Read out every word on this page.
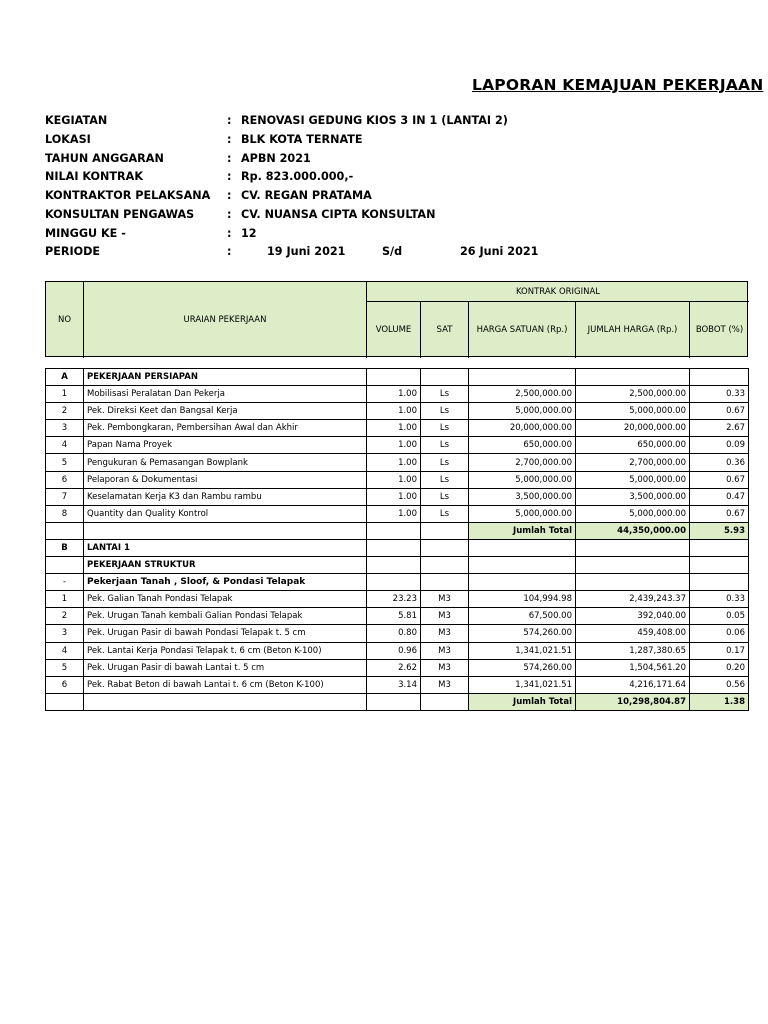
LAPORAN KEMAJUAN PEKERJAAN
KEGIATAN	: RENOVASI GEDUNG KIOS 3 IN 1 (LANTAI 2)
LOKASI	: BLK KOTA TERNATE
TAHUN ANGGARAN	: APBN 2021
NILAI KONTRAK	: Rp. 823.000.000,-
KONTRAKTOR PELAKSANA : CV. REGAN PRATAMA
KONSULTAN PENGAWAS	: CV. NUANSA CIPTA KONSULTAN
MINGGU KE -	: 12
PERIODE	:	19 Juni 2021	S/d	26 Juni 2021
NO	URAIAN PEKERJAAN
KONTRAK ORIGINAL
VOLUME	SAT	HARGA SATUAN (Rp.)	JUMLAH HARGA (Rp.)	BOBOT (%)
A	PEKERJAAN PERSIAPAN					
1	Mobilisasi Peralatan Dan Pekerja	1.00	Ls	2,500,000.00	2,500,000.00	0.33
2	Pek. Direksi Keet dan Bangsal Kerja	1.00	Ls	5,000,000.00	5,000,000.00	0.67
3	Pek. Pembongkaran, Pembersihan Awal dan Akhir	1.00	Ls	20,000,000.00	20,000,000.00	2.67
4	Papan Nama Proyek	1.00	Ls	650,000.00	650,000.00	0.09
5	Pengukuran & Pemasangan Bowplank	1.00	Ls	2,700,000.00	2,700,000.00	0.36
6	Pelaporan & Dokumentasi	1.00	Ls	5,000,000.00	5,000,000.00	0.67
7	Keselamatan Kerja K3 dan Rambu rambu	1.00	Ls	3,500,000.00	3,500,000.00	0.47
8	Quantity dan Quality Kontrol	1.00	Ls	5,000,000.00	5,000,000.00	0.67
				Jumlah Total	44,350,000.00	5.93
B	LANTAI 1					
	PEKERJAAN STRUKTUR					
-	Pekerjaan Tanah , Sloof, & Pondasi Telapak					
1	Pek. Galian Tanah Pondasi Telapak	23.23	M3	104,994.98	2,439,243.37	0.33
2	Pek. Urugan Tanah kembali Galian Pondasi Telapak	5.81	M3	67,500.00	392,040.00	0.05
3	Pek. Urugan Pasir di bawah Pondasi Telapak t. 5 cm	0.80	M3	574,260.00	459,408.00	0.06
4	Pek. Lantai Kerja Pondasi Telapak t. 6 cm (Beton K-100)	0.96	M3	1,341,021.51	1,287,380.65	0.17
5	Pek. Urugan Pasir di bawah Lantai t. 5 cm	2.62	M3	574,260.00	1,504,561.20	0.20
6	Pek. Rabat Beton di bawah Lantai t. 6 cm (Beton K-100)	3.14	M3	1,341,021.51	4,216,171.64	0.56
				Jumlah Total	10,298,804.87	1.38
